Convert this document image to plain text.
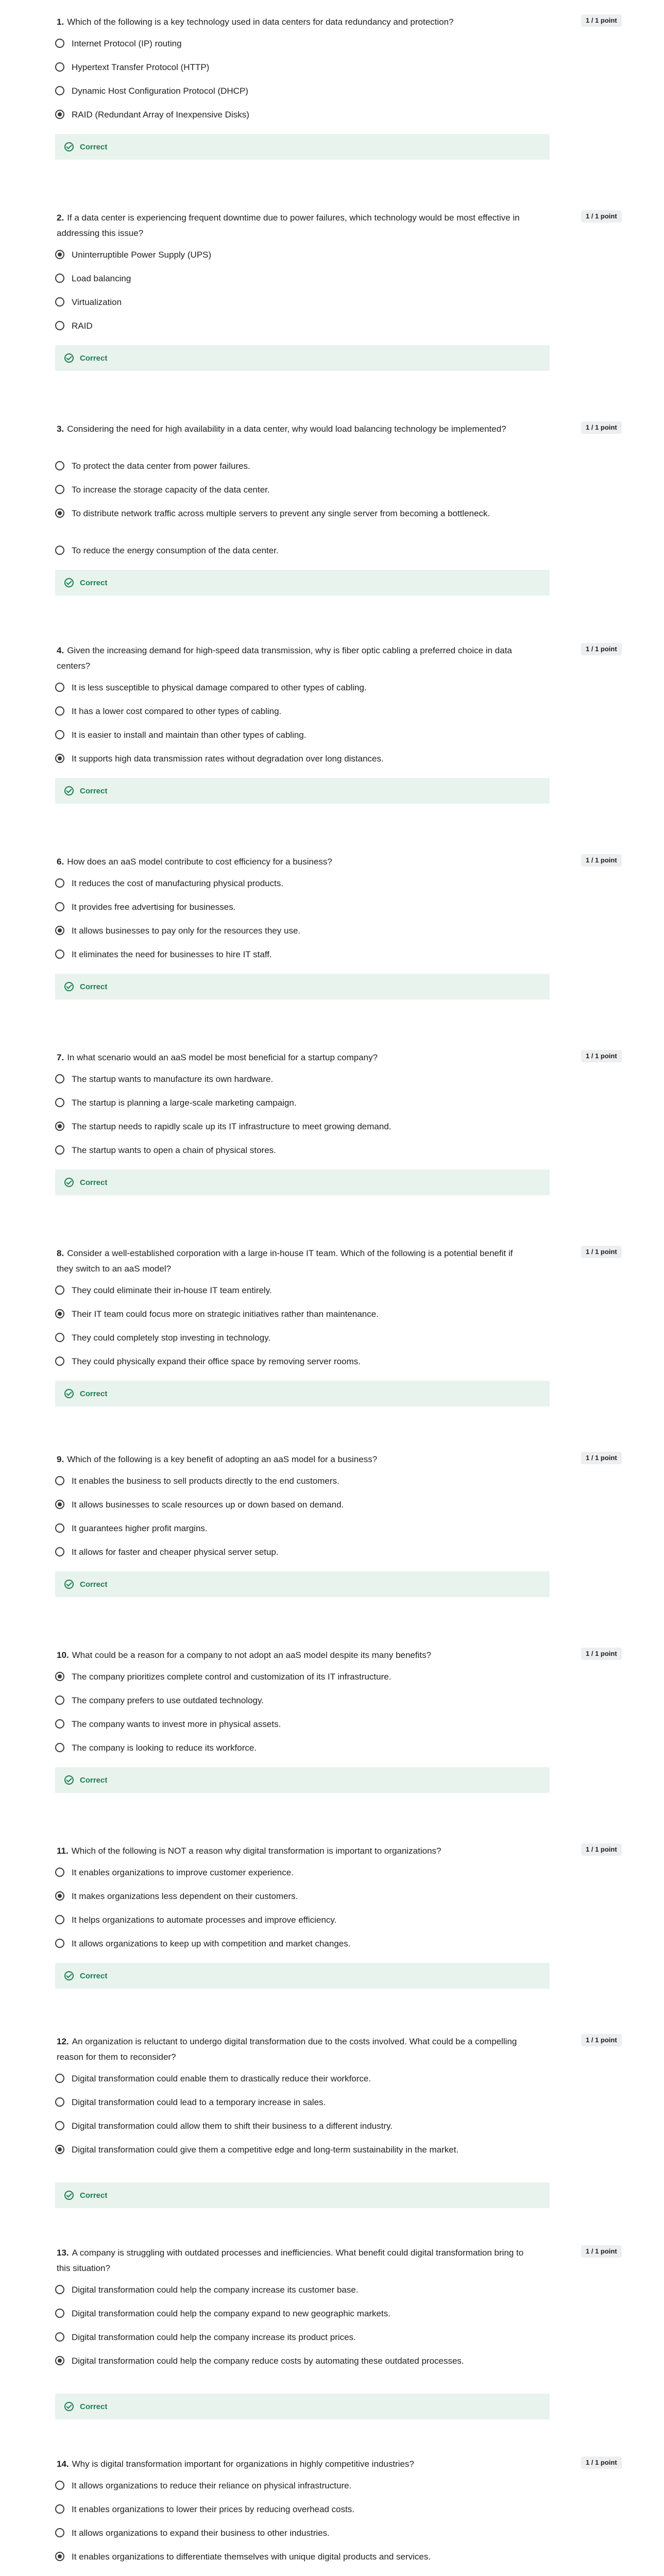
1. Which of the following is a key technology used in data centers for data redundancy and protection?	1 / 1 point
Internet Protocol (IP) routing
Hypertext Transfer Protocol (HTTP)
Dynamic Host Configuration Protocol (DHCP)
RAID (Redundant Array of Inexpensive Disks)
Correct
2. If a data center is experiencing frequent downtime due to power failures, which technology would be most effective in addressing this issue?
1 / 1 point
Uninterruptible Power Supply (UPS)
Load balancing
Virtualization
RAID
Correct
3. Considering the need for high availability in a data center, why would load balancing technology be implemented?	1 / 1 point
To protect the data center from power failures.
To increase the storage capacity of the data center.
To distribute network traffic across multiple servers to prevent any single server from becoming a bottleneck.
To reduce the energy consumption of the data center.
Correct
4. Given the increasing demand for high-speed data transmission, why is fiber optic cabling a preferred choice in data centers?
1 / 1 point
It is less susceptible to physical damage compared to other types of cabling.
It has a lower cost compared to other types of cabling.
It is easier to install and maintain than other types of cabling.
It supports high data transmission rates without degradation over long distances.
Correct
6. How does an aaS model contribute to cost efficiency for a business?	1 / 1 point
It reduces the cost of manufacturing physical products.
It provides free advertising for businesses.
It allows businesses to pay only for the resources they use.
It eliminates the need for businesses to hire IT staff.
Correct
7. In what scenario would an aaS model be most beneficial for a startup company?	1 / 1 point
The startup wants to manufacture its own hardware.
The startup is planning a large-scale marketing campaign.
The startup needs to rapidly scale up its IT infrastructure to meet growing demand.
The startup wants to open a chain of physical stores.
Correct
8. Consider a well-established corporation with a large in-house IT team. Which of the following is a potential benefit if they switch to an aaS model?
1 / 1 point
They could eliminate their in-house IT team entirely.
Their IT team could focus more on strategic initiatives rather than maintenance.
They could completely stop investing in technology.
They could physically expand their office space by removing server rooms.
Correct
9. Which of the following is a key benefit of adopting an aaS model for a business?	1 / 1 point
It enables the business to sell products directly to the end customers.
It allows businesses to scale resources up or down based on demand.
It guarantees higher profit margins.
It allows for faster and cheaper physical server setup.
Correct
10. What could be a reason for a company to not adopt an aaS model despite its many benefits?	1 / 1 point
The company prioritizes complete control and customization of its IT infrastructure.
The company prefers to use outdated technology.
The company wants to invest more in physical assets.
The company is looking to reduce its workforce.
Correct
11. Which of the following is NOT a reason why digital transformation is important to organizations?	1 / 1 point
It enables organizations to improve customer experience.
It makes organizations less dependent on their customers.
It helps organizations to automate processes and improve efficiency.
It allows organizations to keep up with competition and market changes.
Correct
12. An organization is reluctant to undergo digital transformation due to the costs involved. What could be a compelling reason for them to reconsider?
1 / 1 point
Digital transformation could enable them to drastically reduce their workforce.
Digital transformation could lead to a temporary increase in sales.
Digital transformation could allow them to shift their business to a different industry.
Digital transformation could give them a competitive edge and long-term sustainability in the market.
Correct
13. A company is struggling with outdated processes and inefficiencies. What benefit could digital transformation bring to this situation?
1 / 1 point
Digital transformation could help the company increase its customer base.
Digital transformation could help the company expand to new geographic markets.
Digital transformation could help the company increase its product prices.
Digital transformation could help the company reduce costs by automating these outdated processes.
Correct
14. Why is digital transformation important for organizations in highly competitive industries?	1 / 1 point
It allows organizations to reduce their reliance on physical infrastructure.
It enables organizations to lower their prices by reducing overhead costs.
It allows organizations to expand their business to other industries.
It enables organizations to differentiate themselves with unique digital products and services.
